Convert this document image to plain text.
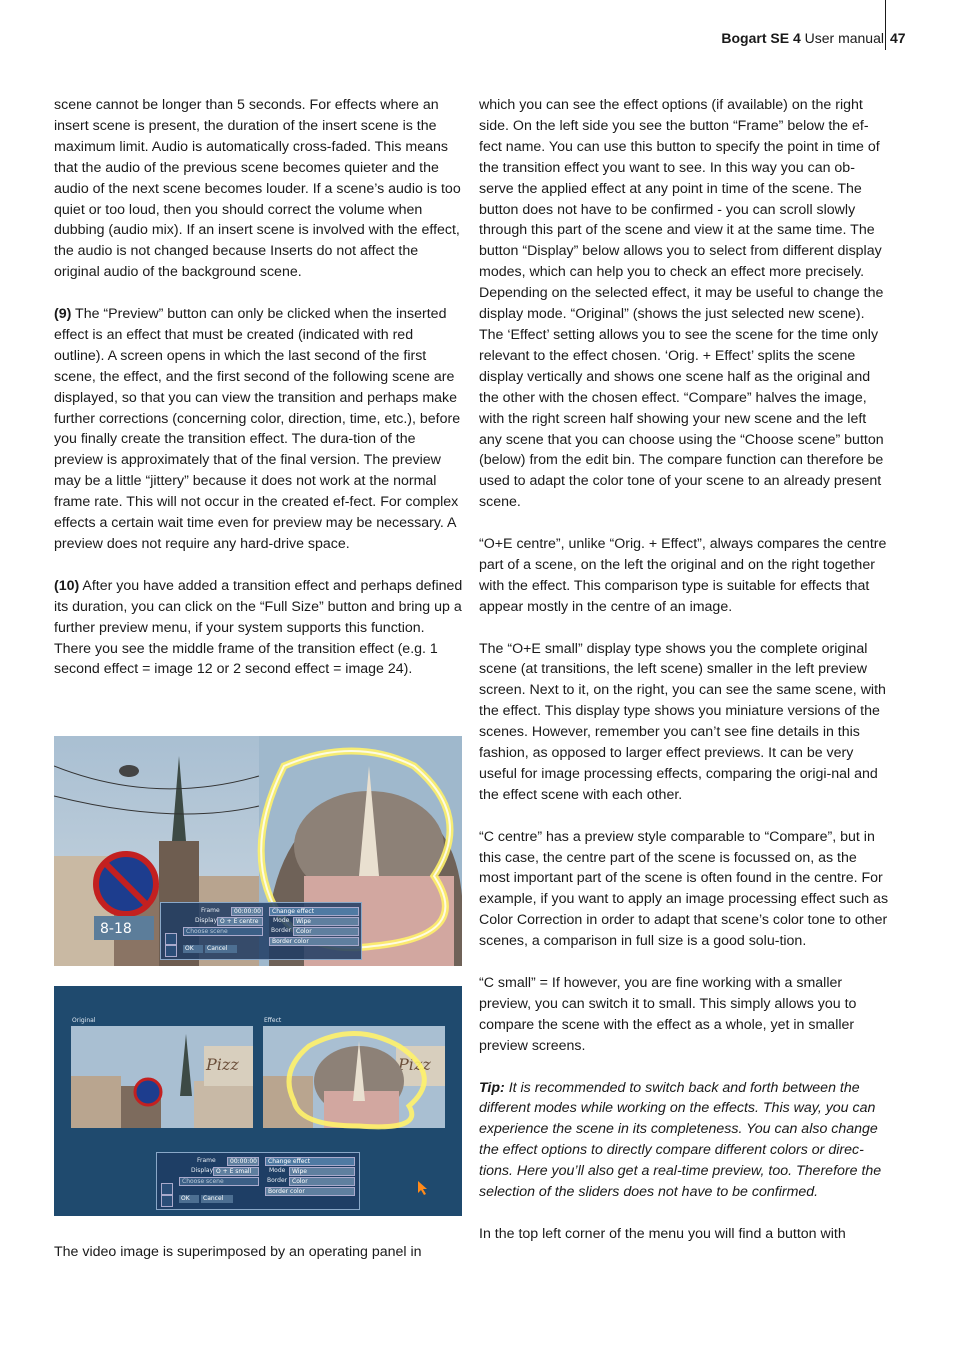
Bogart SE 4 User manual 47

scene cannot be longer than 5 seconds. For effects where an insert scene is present, the duration of the insert scene is the maximum limit. Audio is automatically cross-faded. This means that the audio of the previous scene becomes quieter and the audio of the next scene becomes louder. If a scene’s audio is too quiet or too loud, then you should correct the volume when dubbing (audio mix). If an insert scene is involved with the effect, the audio is not changed because Inserts do not affect the original audio of the background scene.

(9) The “Preview” button can only be clicked when the inserted effect is an effect that must be created (indicated with red outline). A screen opens in which the last second of the first scene, the effect, and the first second of the following scene are displayed, so that you can view the transition and perhaps make further corrections (concerning color, direction, time, etc.), before you finally create the transition effect. The dura-tion of the preview is approximately that of the final version. The preview may be a little “jittery” because it does not work at the normal frame rate. This will not occur in the created ef-fect. For complex effects a certain wait time even for preview may be necessary. A preview does not require any hard-drive space.

(10) After you have added a transition effect and perhaps defined its duration, you can click on the “Full Size” button and bring up a further preview menu, if your system supports this function. There you see the middle frame of the transition effect (e.g. 1 second effect = image 12 or 2 second effect = image 24).

The video image is superimposed by an operating panel in

8-18
Frame	00:00:00
Display O + E centre
Choose scene
OK	Cancel
Change effect
Mode	Wipe
Border Color
Border color
Original	Effect
Pizz	Pizz
Frame	00:00:00
Display O + E small
Choose scene
OK	Cancel
Change effect
Mode	Wipe
Border Color
Border color

which you can see the effect options (if available) on the right side. On the left side you see the button “Frame” below the ef-fect name. You can use this button to specify the point in time of the transition effect you want to see. In this way you can ob-serve the applied effect at any point in time of the scene. The button does not have to be confirmed - you can scroll slowly through this part of the scene and view it at the same time. The button “Display” below allows you to select from different display modes, which can help you to check an effect more precisely. Depending on the selected effect, it may be useful to change the display mode. “Original” (shows the just selected new scene). The ‘Effect’ setting allows you to see the scene for the time only relevant to the effect chosen. ‘Orig. + Effect’ splits the scene display vertically and shows one scene half as the original and the other with the chosen effect. “Compare” halves the image, with the right screen half showing your new scene and the left any scene that you can choose using the “Choose scene” button (below) from the edit bin. The compare function can therefore be used to adapt the color tone of your scene to an already present scene.

“O+E centre”, unlike “Orig. + Effect”, always compares the centre part of a scene, on the left the original and on the right together with the effect. This comparison type is suitable for effects that appear mostly in the centre of an image.

The “O+E small” display type shows you the complete original scene (at transitions, the left scene) smaller in the left preview screen. Next to it, on the right, you can see the same scene, with the effect. This display type shows you miniature versions of the scenes. However, remember you can’t see fine details in this fashion, as opposed to larger effect previews. It can be very useful for image processing effects, comparing the origi-nal and the effect scene with each other.

“C centre” has a preview style comparable to “Compare”, but in this case, the centre part of the scene is focussed on, as the most important part of the scene is often found in the centre. For example, if you want to apply an image processing effect such as Color Correction in order to adapt that scene’s color tone to other scenes, a comparison in full size is a good solu-tion.

“C small” = If however, you are fine working with a smaller preview, you can switch it to small. This simply allows you to compare the scene with the effect as a whole, yet in smaller preview screens.

Tip: It is recommended to switch back and forth between the different modes while working on the effects. This way, you can experience the scene in its completeness. You can also change the effect options to directly compare different colors or direc-tions. Here you’ll also get a real-time preview, too. Therefore the selection of the sliders does not have to be confirmed.

In the top left corner of the menu you will find a button with
